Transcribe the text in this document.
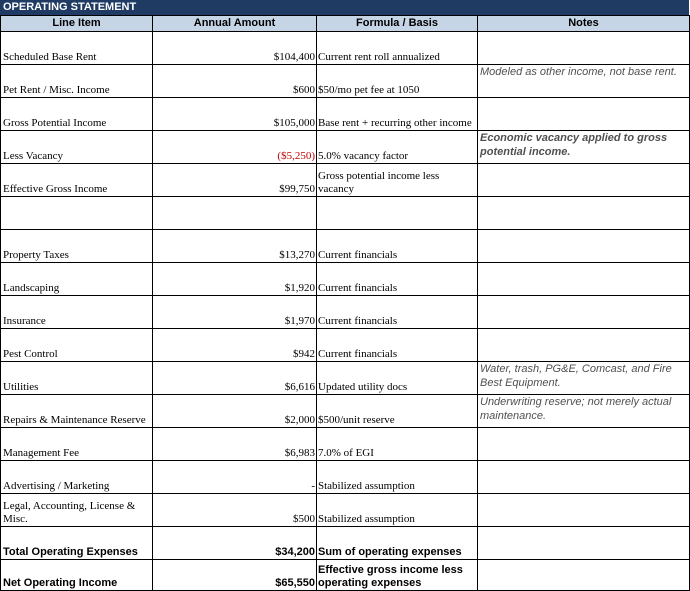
OPERATING STATEMENT
Line Item	Annual Amount	Formula / Basis	Notes
Scheduled Base Rent	$104,400	Current rent roll annualized	
Pet Rent / Misc. Income	$600	$50/mo pet fee at 1050	Modeled as other income, not base rent.
Gross Potential Income	$105,000	Base rent + recurring other income	
Less Vacancy	($5,250)	5.0% vacancy factor	Economic vacancy applied to gross potential income.
Effective Gross Income	$99,750	Gross potential income less vacancy	

Property Taxes	$13,270	Current financials	
Landscaping	$1,920	Current financials	
Insurance	$1,970	Current financials	
Pest Control	$942	Current financials	
Utilities	$6,616	Updated utility docs	Water, trash, PG&E, Comcast, and Fire Best Equipment.
Repairs & Maintenance Reserve	$2,000	$500/unit reserve	Underwriting reserve; not merely actual maintenance.
Management Fee	$6,983	7.0% of EGI	
Advertising / Marketing	-	Stabilized assumption	
Legal, Accounting, License & Misc.	$500	Stabilized assumption	
Total Operating Expenses	$34,200	Sum of operating expenses	
Net Operating Income	$65,550	Effective gross income less operating expenses	
